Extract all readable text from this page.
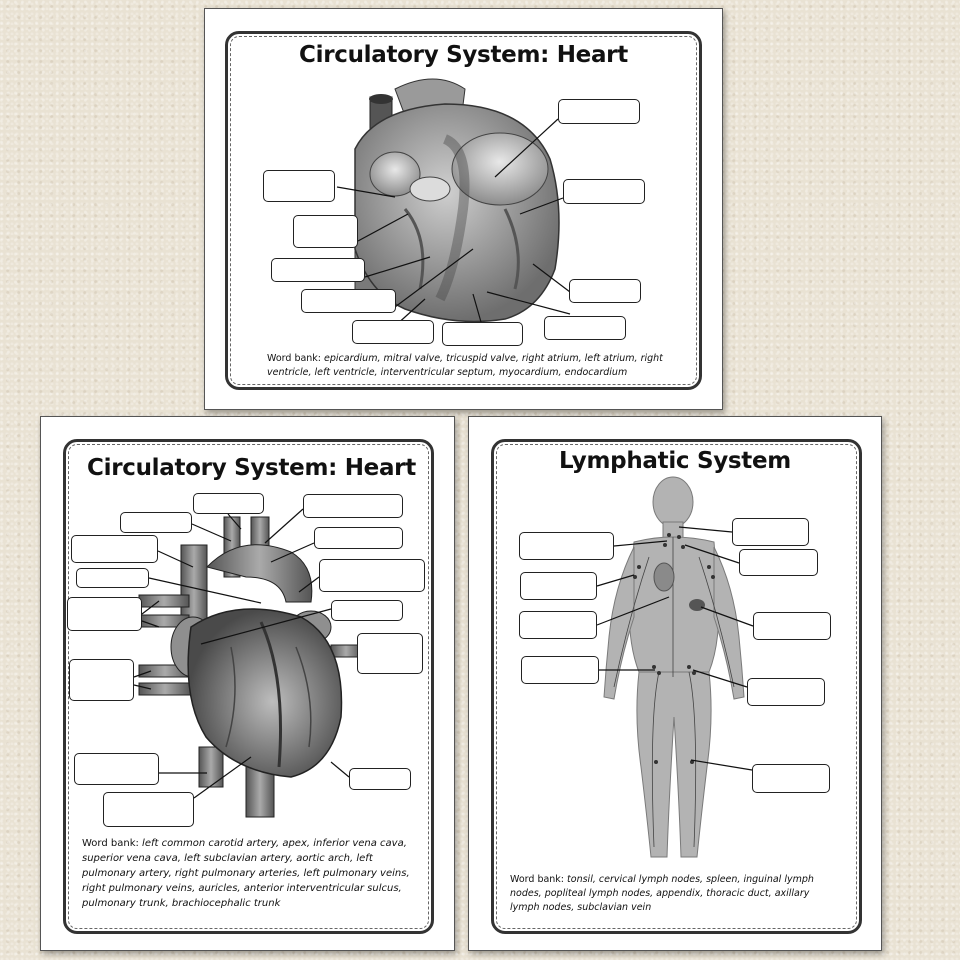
Circulatory System: Heart
Word bank: epicardium, mitral valve, tricuspid valve, right atrium, left atrium, right ventricle, left ventricle, interventricular septum, myocardium, endocardium
Circulatory System: Heart
Word bank: left common carotid artery, apex, inferior vena cava, superior vena cava, left subclavian artery, aortic arch, left pulmonary artery, right pulmonary arteries, left pulmonary veins, right pulmonary veins, auricles, anterior interventricular sulcus, pulmonary trunk, brachiocephalic trunk
Lymphatic System
Word bank: tonsil, cervical lymph nodes, spleen, inguinal lymph nodes, popliteal lymph nodes, appendix, thoracic duct, axillary lymph nodes, subclavian vein
